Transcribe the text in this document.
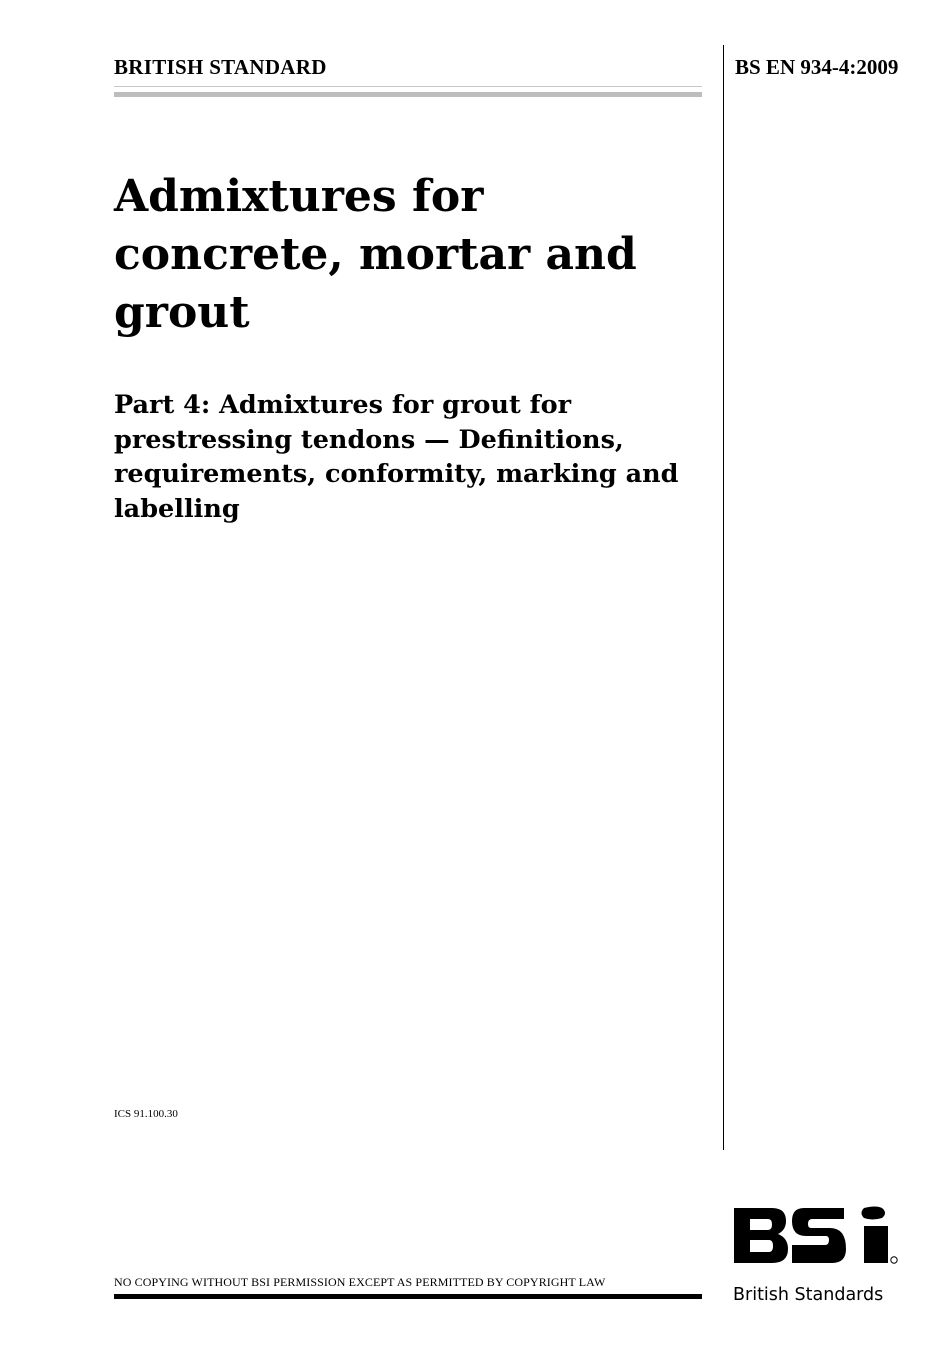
BRITISH STANDARD	BS EN 934-4:2009
Admixtures for concrete, mortar and grout
Part 4: Admixtures for grout for prestressing tendons — Definitions, requirements, conformity, marking and labelling
ICS 91.100.30
NO COPYING WITHOUT BSI PERMISSION EXCEPT AS PERMITTED BY COPYRIGHT LAW
British Standards
